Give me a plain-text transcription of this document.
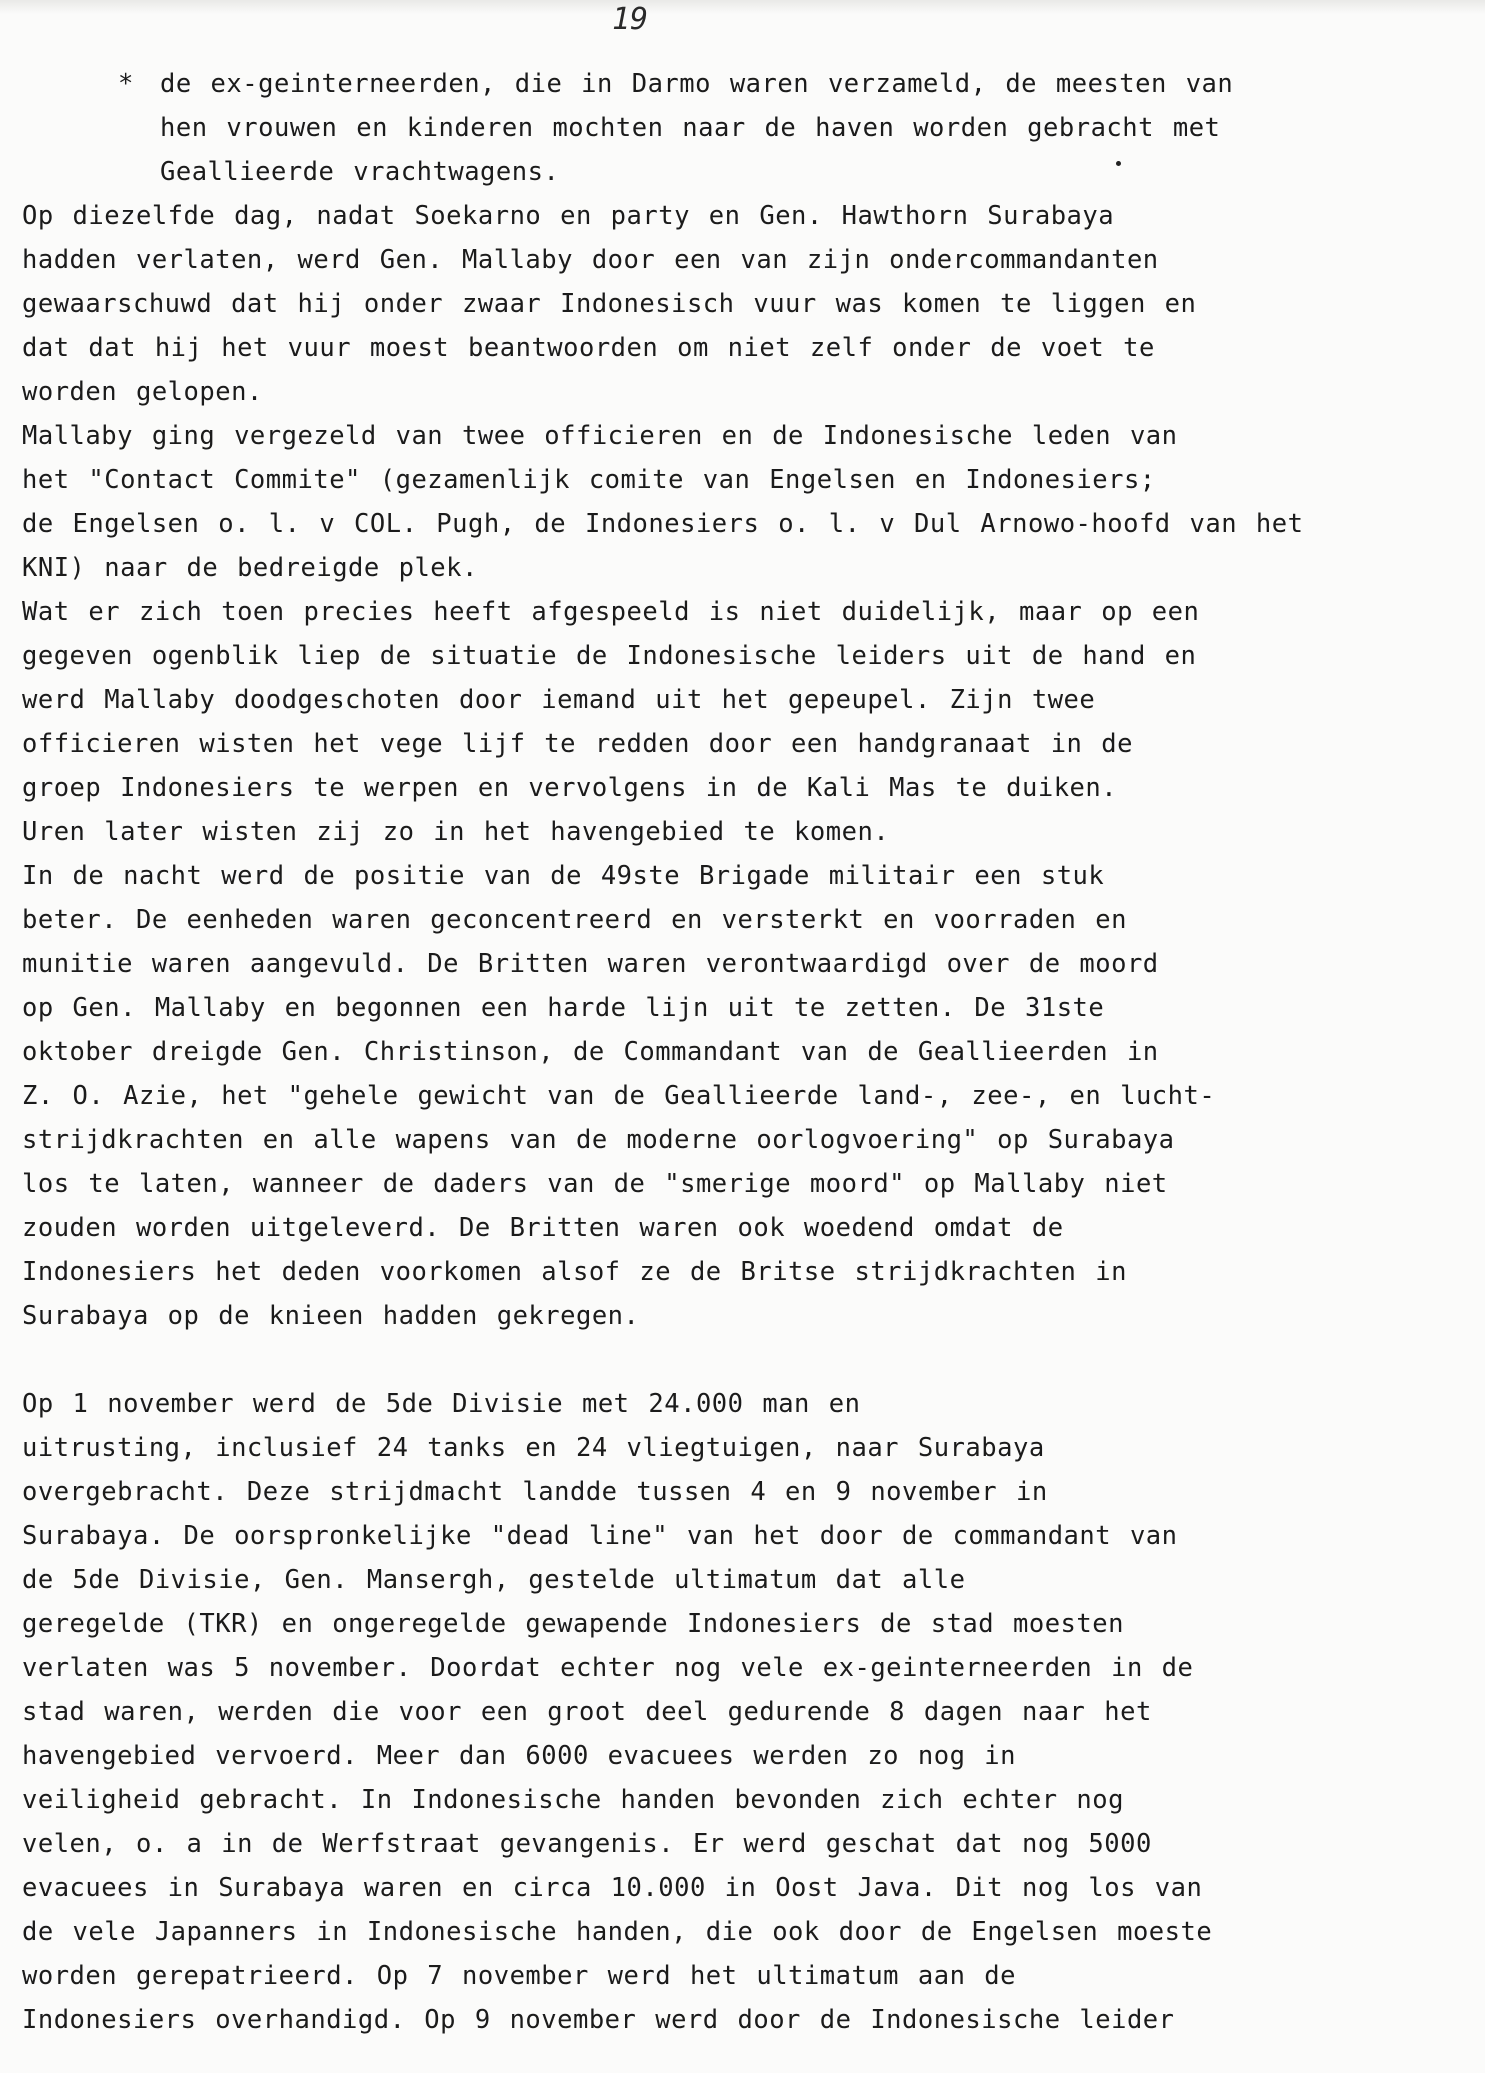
19

*	de ex-geinterneerden, die in Darmo waren verzameld, de meesten van
hen vrouwen en kinderen mochten naar de haven worden gebracht met
Geallieerde vrachtwagens.

Op diezelfde dag, nadat Soekarno en party en Gen. Hawthorn Surabaya
hadden verlaten, werd Gen. Mallaby door een van zijn ondercommandanten
gewaarschuwd dat hij onder zwaar Indonesisch vuur was komen te liggen en
dat dat hij het vuur moest beantwoorden om niet zelf onder de voet te
worden gelopen.

Mallaby ging vergezeld van twee officieren en de Indonesische leden van
het "Contact Commite" (gezamenlijk comite van Engelsen en Indonesiers;
de Engelsen o. l. v COL. Pugh, de Indonesiers o. l. v Dul Arnowo-hoofd van het
KNI) naar de bedreigde plek.

Wat er zich toen precies heeft afgespeeld is niet duidelijk, maar op een
gegeven ogenblik liep de situatie de Indonesische leiders uit de hand en
werd Mallaby doodgeschoten door iemand uit het gepeupel. Zijn twee
officieren wisten het vege lijf te redden door een handgranaat in de
groep Indonesiers te werpen en vervolgens in de Kali Mas te duiken.
Uren later wisten zij zo in het havengebied te komen.

In de nacht werd de positie van de 49ste Brigade militair een stuk
beter. De eenheden waren geconcentreerd en versterkt en voorraden en
munitie waren aangevuld. De Britten waren verontwaardigd over de moord
op Gen. Mallaby en begonnen een harde lijn uit te zetten. De 31ste
oktober dreigde Gen. Christinson, de Commandant van de Geallieerden in
Z. O. Azie, het "gehele gewicht van de Geallieerde land-, zee-, en lucht-
strijdkrachten en alle wapens van de moderne oorlogvoering" op Surabaya
los te laten, wanneer de daders van de "smerige moord" op Mallaby niet
zouden worden uitgeleverd. De Britten waren ook woedend omdat de
Indonesiers het deden voorkomen alsof ze de Britse strijdkrachten in
Surabaya op de knieen hadden gekregen.

Op 1 november werd de 5de Divisie met 24.000 man en
uitrusting, inclusief 24 tanks en 24 vliegtuigen, naar Surabaya
overgebracht. Deze strijdmacht landde tussen 4 en 9 november in
Surabaya. De oorspronkelijke "dead line" van het door de commandant van
de 5de Divisie, Gen. Mansergh, gestelde ultimatum dat alle
geregelde (TKR) en ongeregelde gewapende Indonesiers de stad moesten
verlaten was 5 november. Doordat echter nog vele ex-geinterneerden in de
stad waren, werden die voor een groot deel gedurende 8 dagen naar het
havengebied vervoerd. Meer dan 6000 evacuees werden zo nog in
veiligheid gebracht. In Indonesische handen bevonden zich echter nog
velen, o. a in de Werfstraat gevangenis. Er werd geschat dat nog 5000
evacuees in Surabaya waren en circa 10.000 in Oost Java. Dit nog los van
de vele Japanners in Indonesische handen, die ook door de Engelsen moeste
worden gerepatrieerd. Op 7 november werd het ultimatum aan de
Indonesiers overhandigd. Op 9 november werd door de Indonesische leider
